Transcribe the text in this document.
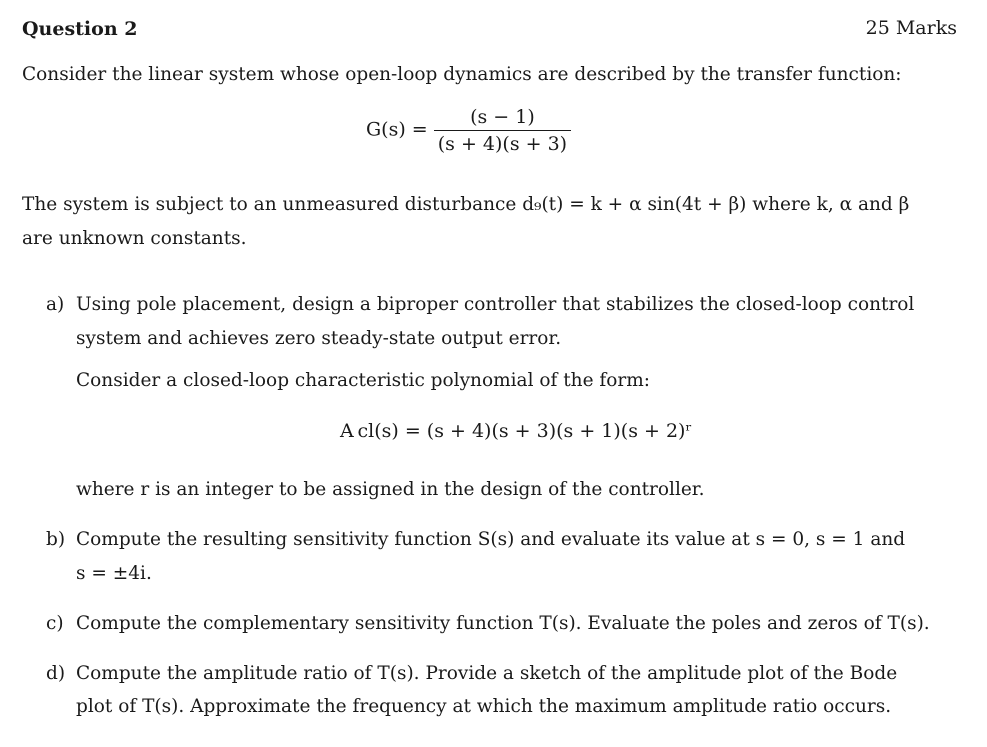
Question 2	25 Marks
Consider the linear system whose open-loop dynamics are described by the transfer function:
$G(s) = \frac{(s - 1)}{(s + 4)(s + 3)}$
The system is subject to an unmeasured disturbance d₉(t) = k + α sin(4t + β) where k, α and β
are unknown constants.
a) Using pole placement, design a biproper controller that stabilizes the closed-loop control
system and achieves zero steady-state output error.
Consider a closed-loop characteristic polynomial of the form:
A cl(s) = (s + 4)(s + 3)(s + 1)(s + 2)ʳ
where r is an integer to be assigned in the design of the controller.
b) Compute the resulting sensitivity function S(s) and evaluate its value at s = 0, s = 1 and
s = ±4i.
c) Compute the complementary sensitivity function T(s). Evaluate the poles and zeros of T(s).
d) Compute the amplitude ratio of T(s). Provide a sketch of the amplitude plot of the Bode
plot of T(s). Approximate the frequency at which the maximum amplitude ratio occurs.
